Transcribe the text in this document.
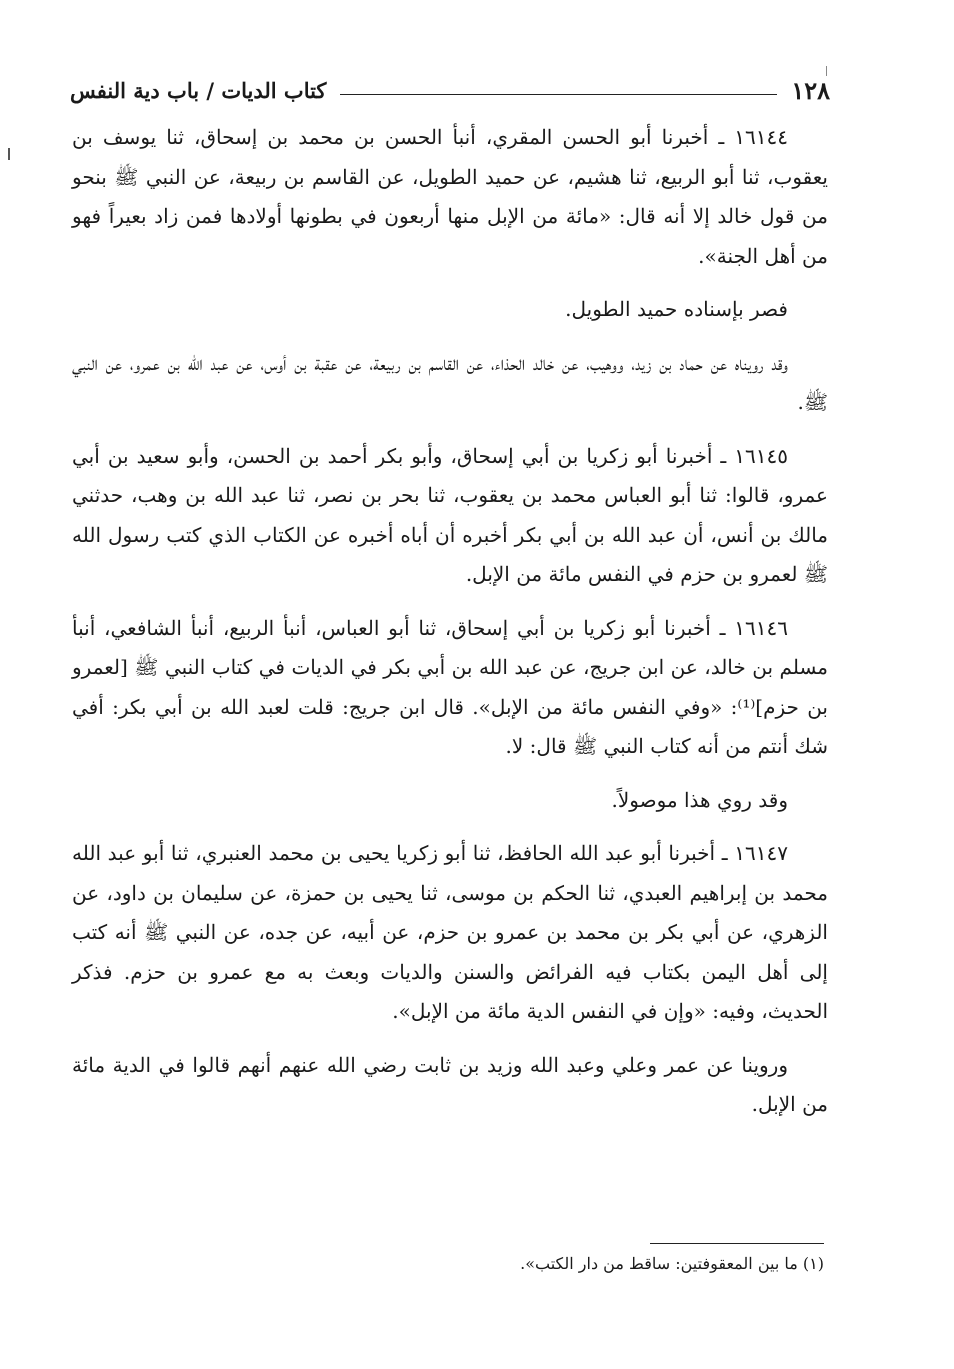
١٢٨
كتاب الديات / باب دية النفس

١٦١٤٤ ـ أخبرنا أبو الحسن المقري، أنبأ الحسن بن محمد بن إسحاق، ثنا يوسف بن يعقوب، ثنا أبو الربيع، ثنا هشيم، عن حميد الطويل، عن القاسم بن ربيعة، عن النبي ﷺ بنحو من قول خالد إلا أنه قال: «مائة من الإبل منها أربعون في بطونها أولادها فمن زاد بعيراً فهو من أهل الجنة».

فصر بإسناده حميد الطويل.

وقد رويناه عن حماد بن زيد، ووهيب، عن خالد الحذاء، عن القاسم بن ربيعة، عن عقبة بن أوس، عن عبد الله بن عمرو، عن النبي ﷺ.

١٦١٤٥ ـ أخبرنا أبو زكريا بن أبي إسحاق، وأبو بكر أحمد بن الحسن، وأبو سعيد بن أبي عمرو، قالوا: ثنا أبو العباس محمد بن يعقوب، ثنا بحر بن نصر، ثنا عبد الله بن وهب، حدثني مالك بن أنس، أن عبد الله بن أبي بكر أخبره أن أباه أخبره عن الكتاب الذي كتب رسول الله ﷺ لعمرو بن حزم في النفس مائة من الإبل.

١٦١٤٦ ـ أخبرنا أبو زكريا بن أبي إسحاق، ثنا أبو العباس، أنبأ الربيع، أنبأ الشافعي، أنبأ مسلم بن خالد، عن ابن جريج، عن عبد الله بن أبي بكر في الديات في كتاب النبي ﷺ [لعمرو بن حزم]⁽¹⁾: «وفي النفس مائة من الإبل». قال ابن جريج: قلت لعبد الله بن أبي بكر: أفي شك أنتم من أنه كتاب النبي ﷺ قال: لا.

وقد روي هذا موصولاً.

١٦١٤٧ ـ أخبرنا أبو عبد الله الحافظ، ثنا أبو زكريا يحيى بن محمد العنبري، ثنا أبو عبد الله محمد بن إبراهيم العبدي، ثنا الحكم بن موسى، ثنا يحيى بن حمزة، عن سليمان بن داود، عن الزهري، عن أبي بكر بن محمد بن عمرو بن حزم، عن أبيه، عن جده، عن النبي ﷺ أنه كتب إلى أهل اليمن بكتاب فيه الفرائض والسنن والديات وبعث به مع عمرو بن حزم. فذكر الحديث، وفيه: «وإن في النفس الدية مائة من الإبل».

وروينا عن عمر وعلي وعبد الله وزيد بن ثابت رضي الله عنهم أنهم قالوا في الدية مائة من الإبل.

(١) ما بين المعقوفتين: ساقط من دار الكتب».
